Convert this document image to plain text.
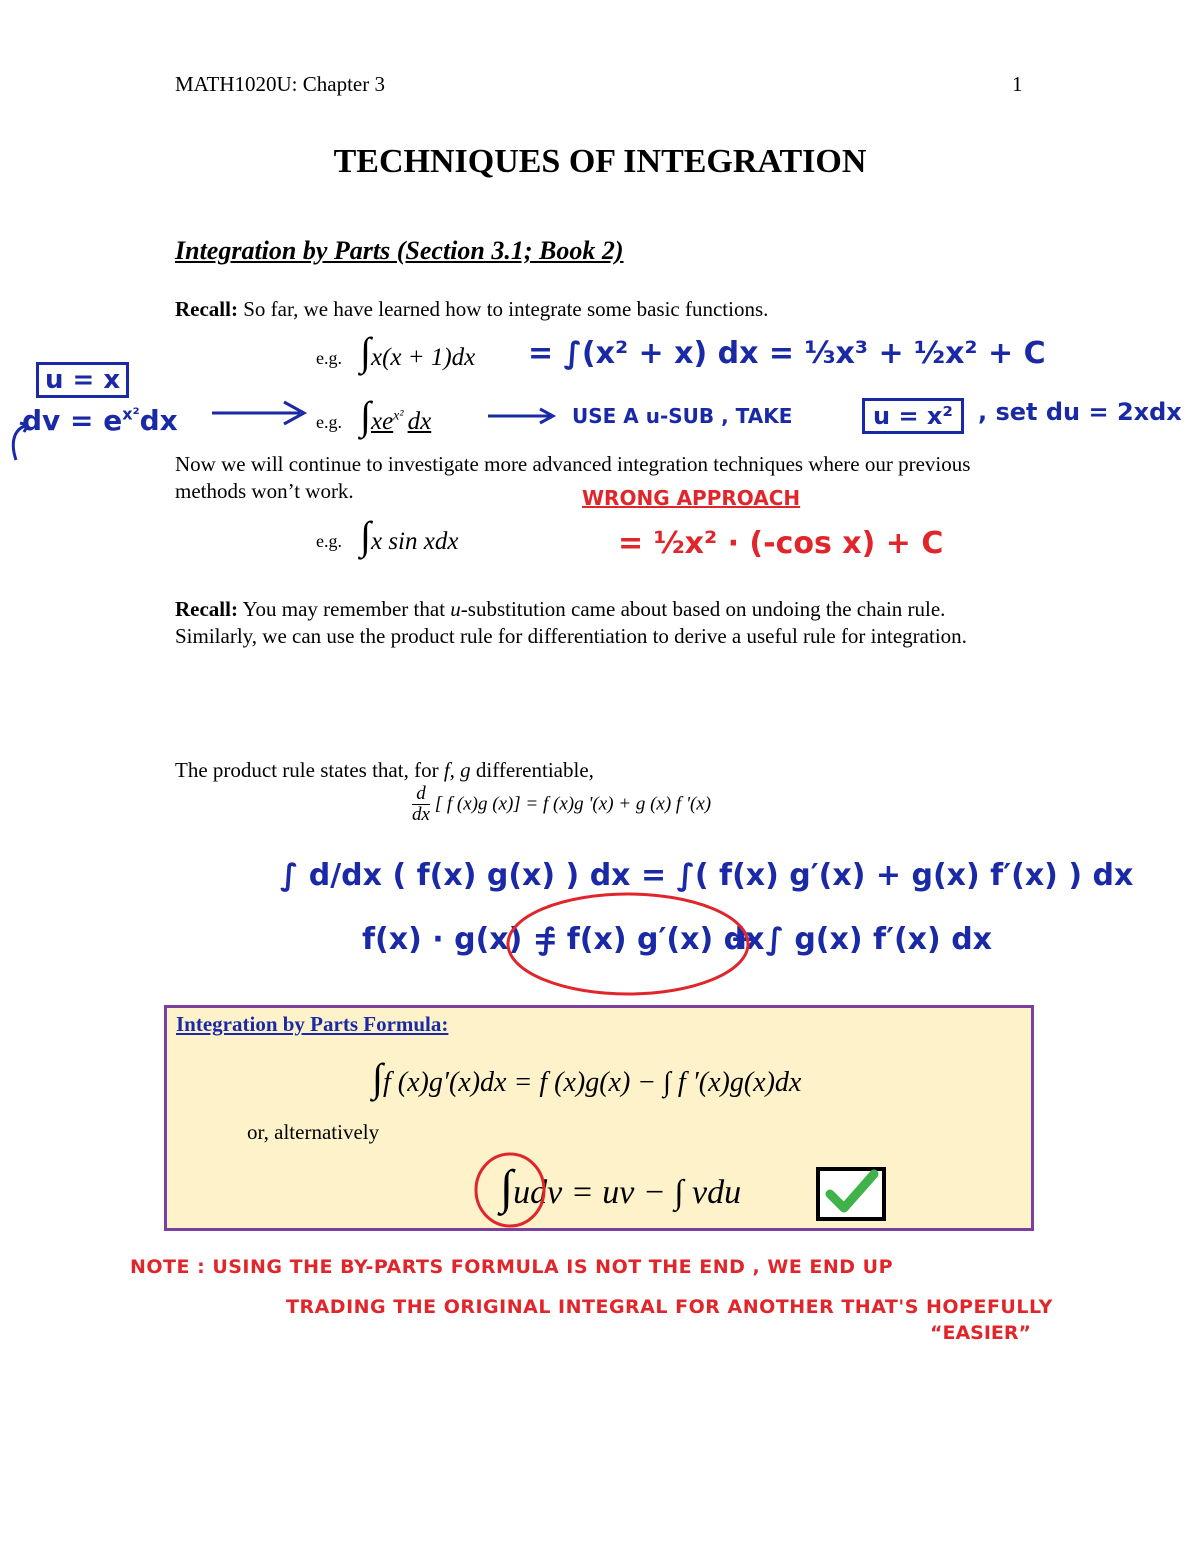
MATH1020U: Chapter 3	1
TECHNIQUES OF INTEGRATION
Integration by Parts (Section 3.1; Book 2)
Recall: So far, we have learned how to integrate some basic functions.
e.g. ∫x(x + 1)dx
e.g. $\int xe^{x^2}$ dx
e.g. ∫x sin xdx
Now we will continue to investigate more advanced integration techniques where our previous methods won’t work.
Recall: You may remember that u-substitution came about based on undoing the chain rule. Similarly, we can use the product rule for differentiation to derive a useful rule for integration.
The product rule states that, for f, g differentiable,
$\frac{d}{dx}$ [ f (x)g (x)] = f (x)g '(x) + g (x) f '(x)
= ∫(x² + x) dx = ⅓x³ + ½x² + C
u = x
dv = $e^{x^2}dx$	USE A u-SUB , TAKE	u = x²	, set du = 2xdx
WRONG APPROACH
= ½x² · (-cos x) + C
∫ d/dx ( f(x) g(x) ) dx = ∫( f(x) g′(x) + g(x) f′(x) ) dx
f(x) · g(x) =
∫ f(x) g′(x) dx
+ ∫ g(x) f′(x) dx
Integration by Parts Formula:
∫f (x)g′(x)dx = f (x)g(x) − ∫ f ′(x)g(x)dx
or, alternatively
∫udv = uv − ∫ vdu
NOTE : USING THE BY-PARTS FORMULA IS NOT THE END , WE END UP
TRADING THE ORIGINAL INTEGRAL FOR ANOTHER THAT'S HOPEFULLY
“EASIER”
